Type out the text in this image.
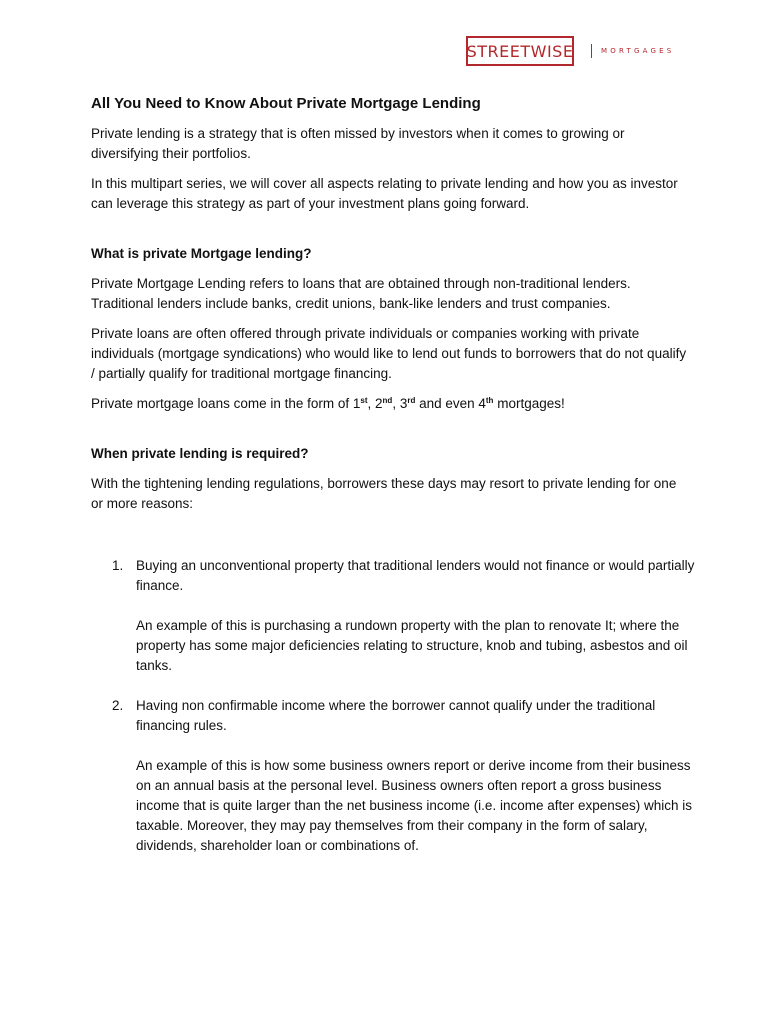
STREETWISE	MORTGAGES
All You Need to Know About Private Mortgage Lending

Private lending is a strategy that is often missed by investors when it comes to growing or diversifying their portfolios.

In this multipart series, we will cover all aspects relating to private lending and how you as investor can leverage this strategy as part of your investment plans going forward.

What is private Mortgage lending?

Private Mortgage Lending refers to loans that are obtained through non-traditional lenders. Traditional lenders include banks, credit unions, bank-like lenders and trust companies.

Private loans are often offered through private individuals or companies working with private individuals (mortgage syndications) who would like to lend out funds to borrowers that do not qualify / partially qualify for traditional mortgage financing.

Private mortgage loans come in the form of 1st, 2nd, 3rd and even 4th mortgages!

When private lending is required?

With the tightening lending regulations, borrowers these days may resort to private lending for one or more reasons:

1. Buying an unconventional property that traditional lenders would not finance or would partially finance.

An example of this is purchasing a rundown property with the plan to renovate It; where the property has some major deficiencies relating to structure, knob and tubing, asbestos and oil tanks.

2. Having non confirmable income where the borrower cannot qualify under the traditional financing rules.

An example of this is how some business owners report or derive income from their business on an annual basis at the personal level. Business owners often report a gross business income that is quite larger than the net business income (i.e. income after expenses) which is taxable. Moreover, they may pay themselves from their company in the form of salary, dividends, shareholder loan or combinations of.
